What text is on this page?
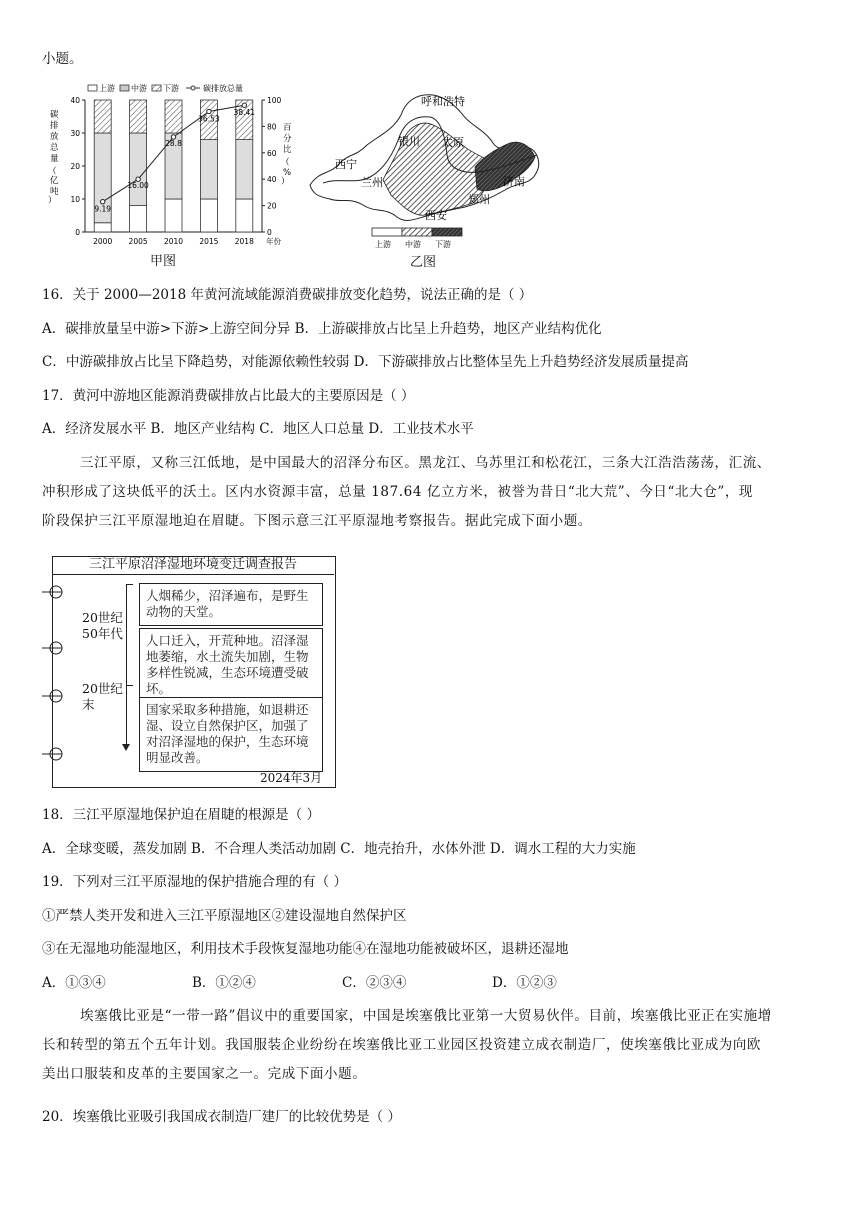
小题。
上游 中游 下游	碳排放总量
碳排放总量（亿吨）
百分比（%）
0
10
20
30
40
0
20
40
60
80
100
2000 2005 2010 2015 2018 年份
9.19
16.00
28.8
36.53
38.41
甲图
呼和浩特
银川 太原
西宁
兰州	济南
郑州
西安
上游 中游 下游
乙图
16．关于 2000—2018 年黄河流域能源消费碳排放变化趋势，说法正确的是（ ）
A．碳排放量呈中游>下游>上游空间分异 B．上游碳排放占比呈上升趋势，地区产业结构优化
C．中游碳排放占比呈下降趋势，对能源依赖性较弱 D．下游碳排放占比整体呈先上升趋势经济发展质量提高
17．黄河中游地区能源消费碳排放占比最大的主要原因是（ ）
A．经济发展水平 B．地区产业结构 C．地区人口总量 D．工业技术水平
三江平原，又称三江低地，是中国最大的沼泽分布区。黑龙江、乌苏里江和松花江，三条大江浩浩荡荡，汇流、
冲积形成了这块低平的沃土。区内水资源丰富，总量 187.64 亿立方米，被誉为昔日“北大荒”、今日“北大仓”，现
阶段保护三江平原湿地迫在眉睫。下图示意三江平原湿地考察报告。据此完成下面小题。
三江平原沼泽湿地环境变迁调查报告
20世纪
50年代
20世纪
末
人烟稀少，沼泽遍布，是野生动物的天堂。
人口迁入，开荒种地。沼泽湿地萎缩，水土流失加剧，生物多样性锐减，生态环境遭受破坏。
国家采取多种措施，如退耕还湿、设立自然保护区，加强了对沼泽湿地的保护，生态环境明显改善。
2024年3月
18．三江平原湿地保护迫在眉睫的根源是（ ）
A．全球变暖，蒸发加剧 B．不合理人类活动加剧 C．地壳抬升，水体外泄 D．调水工程的大力实施
19．下列对三江平原湿地的保护措施合理的有（ ）
①严禁人类开发和进入三江平原湿地区②建设湿地自然保护区
③在无湿地功能湿地区，利用技术手段恢复湿地功能④在湿地功能被破坏区，退耕还湿地
A．①③④	B．①②④	C．②③④	D．①②③
埃塞俄比亚是“一带一路”倡议中的重要国家，中国是埃塞俄比亚第一大贸易伙伴。目前，埃塞俄比亚正在实施增
长和转型的第五个五年计划。我国服装企业纷纷在埃塞俄比亚工业园区投资建立成衣制造厂，使埃塞俄比亚成为向欧
美出口服装和皮革的主要国家之一。完成下面小题。
20．埃塞俄比亚吸引我国成衣制造厂建厂的比较优势是（ ）
